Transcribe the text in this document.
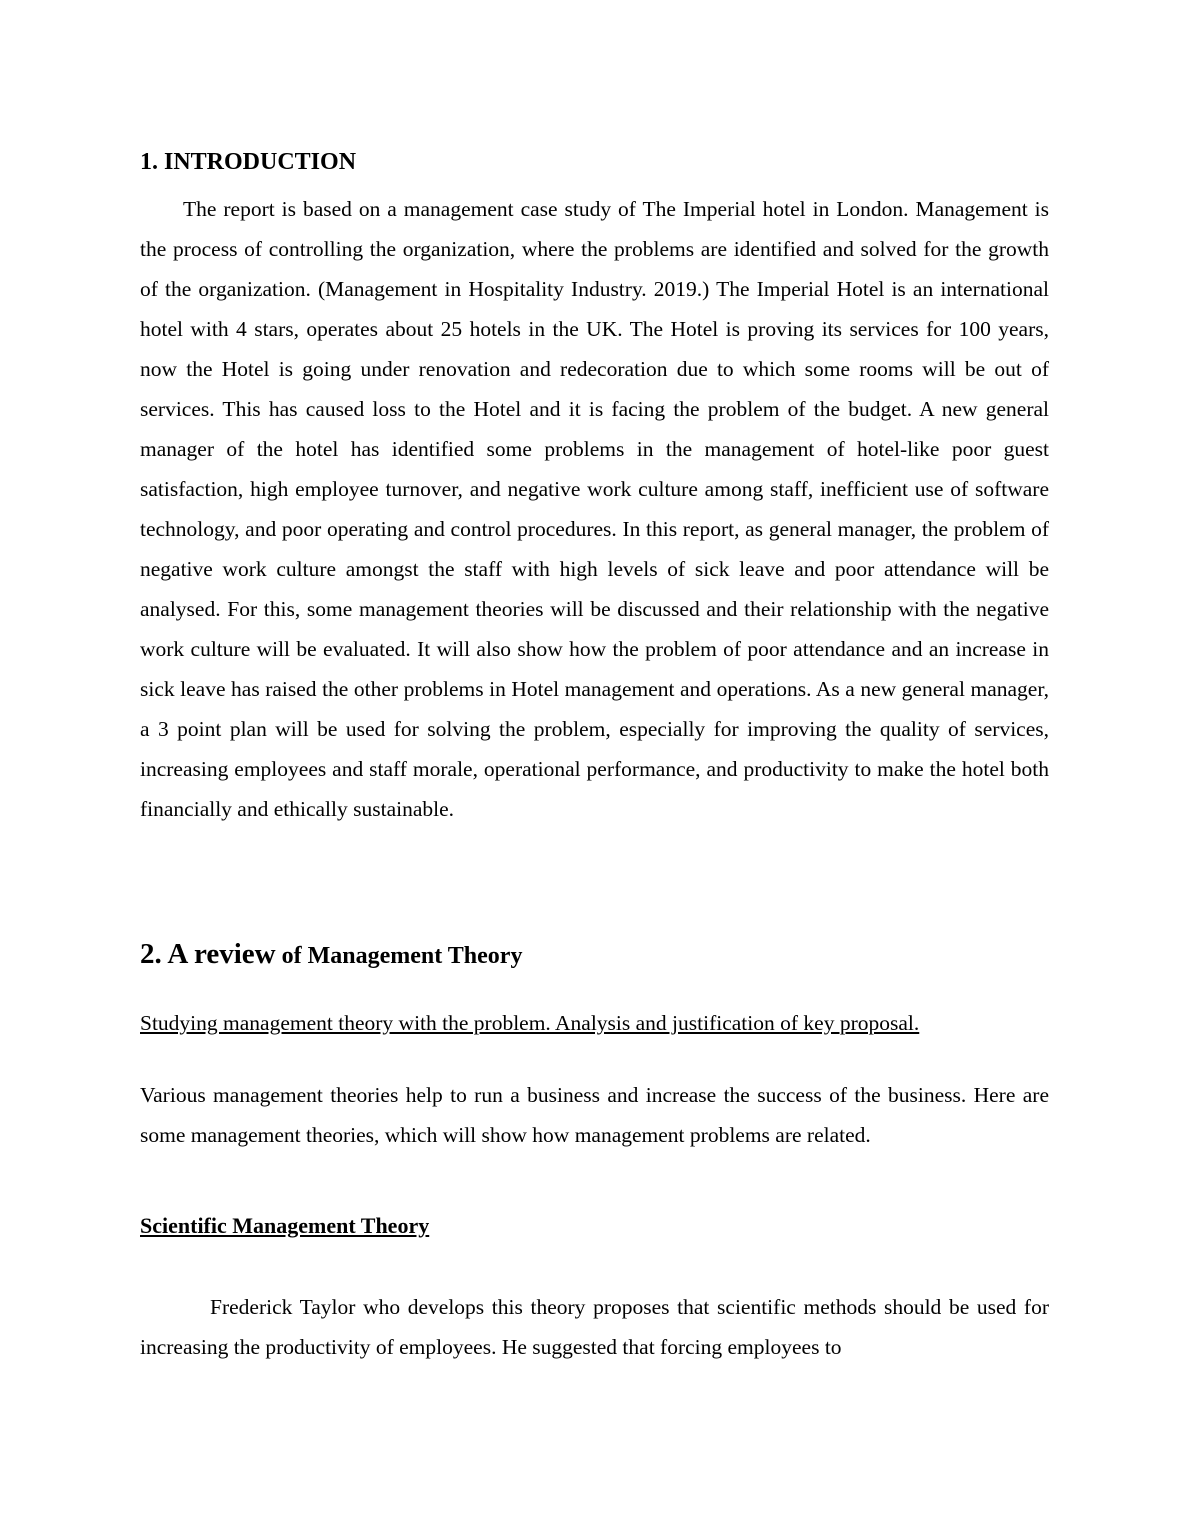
1. INTRODUCTION

The report is based on a management case study of The Imperial hotel in London. Management is the process of controlling the organization, where the problems are identified and solved for the growth of the organization. (Management in Hospitality Industry. 2019.) The Imperial Hotel is an international hotel with 4 stars, operates about 25 hotels in the UK. The Hotel is proving its services for 100 years, now the Hotel is going under renovation and redecoration due to which some rooms will be out of services. This has caused loss to the Hotel and it is facing the problem of the budget. A new general manager of the hotel has identified some problems in the management of hotel-like poor guest satisfaction, high employee turnover, and negative work culture among staff, inefficient use of software technology, and poor operating and control procedures. In this report, as general manager, the problem of negative work culture amongst the staff with high levels of sick leave and poor attendance will be analysed. For this, some management theories will be discussed and their relationship with the negative work culture will be evaluated. It will also show how the problem of poor attendance and an increase in sick leave has raised the other problems in Hotel management and operations. As a new general manager, a 3 point plan will be used for solving the problem, especially for improving the quality of services, increasing employees and staff morale, operational performance, and productivity to make the hotel both financially and ethically sustainable.

2. A review of Management Theory

Studying management theory with the problem. Analysis and justification of key proposal.

Various management theories help to run a business and increase the success of the business. Here are some management theories, which will show how management problems are related.

Scientific Management Theory

Frederick Taylor who develops this theory proposes that scientific methods should be used for increasing the productivity of employees. He suggested that forcing employees to
